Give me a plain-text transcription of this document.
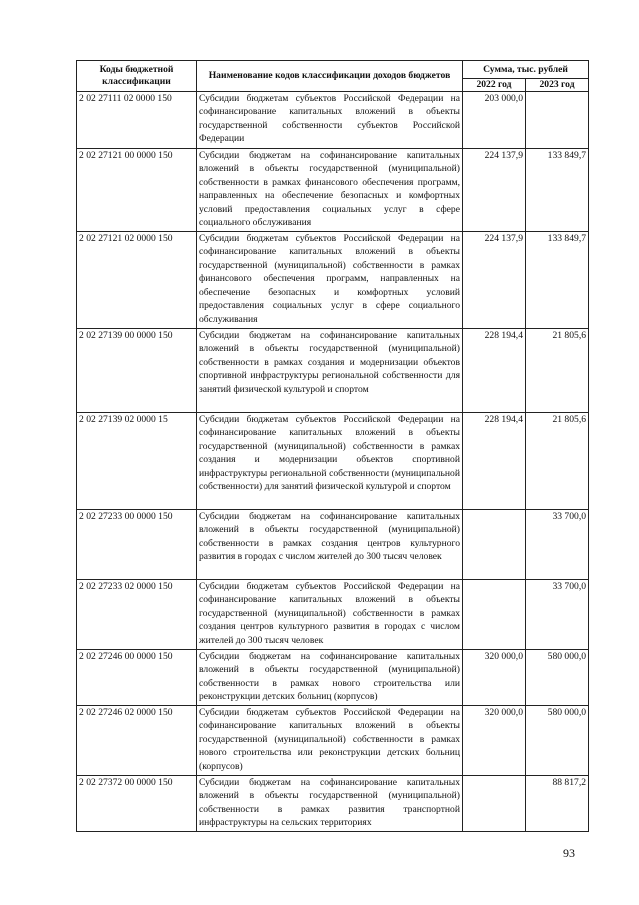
Коды бюджетной классификации	Наименование кодов классификации доходов бюджетов	Сумма, тыс. рублей	
		2022 год	2023 год
2 02 27111 02 0000 150	Субсидии бюджетам субъектов Российской Федерации на софинансирование капитальных вложений в объекты государственной собственности субъектов Российской Федерации	203 000,0	
2 02 27121 00 0000 150	Субсидии бюджетам на софинансирование капитальных вложений в объекты государственной (муниципальной) собственности в рамках финансового обеспечения программ, направленных на обеспечение безопасных и комфортных условий предоставления социальных услуг в сфере социального обслуживания	224 137,9	133 849,7
2 02 27121 02 0000 150	Субсидии бюджетам субъектов Российской Федерации на софинансирование капитальных вложений в объекты государственной (муниципальной) собственности в рамках финансового обеспечения программ, направленных на обеспечение безопасных и комфортных условий предоставления социальных услуг в сфере социального обслуживания	224 137,9	133 849,7
2 02 27139 00 0000 150	Субсидии бюджетам на софинансирование капитальных вложений в объекты государственной (муниципальной) собственности в рамках создания и модернизации объектов спортивной инфраструктуры региональной собственности для занятий физической культурой и спортом	228 194,4	21 805,6
2 02 27139 02 0000 15	Субсидии бюджетам субъектов Российской Федерации на софинансирование капитальных вложений в объекты государственной (муниципальной) собственности в рамках создания и модернизации объектов спортивной инфраструктуры региональной собственности (муниципальной собственности) для занятий физической культурой и спортом	228 194,4	21 805,6
2 02 27233 00 0000 150	Субсидии бюджетам на софинансирование капитальных вложений в объекты государственной (муниципальной) собственности в рамках создания центров культурного развития в городах с числом жителей до 300 тысяч человек		33 700,0
2 02 27233 02 0000 150	Субсидии бюджетам субъектов Российской Федерации на софинансирование капитальных вложений в объекты государственной (муниципальной) собственности в рамках создания центров культурного развития в городах с числом жителей до 300 тысяч человек		33 700,0
2 02 27246 00 0000 150	Субсидии бюджетам на софинансирование капитальных вложений в объекты государственной (муниципальной) собственности в рамках нового строительства или реконструкции детских больниц (корпусов)	320 000,0	580 000,0
2 02 27246 02 0000 150	Субсидии бюджетам субъектов Российской Федерации на софинансирование капитальных вложений в объекты государственной (муниципальной) собственности в рамках нового строительства или реконструкции детских больниц (корпусов)	320 000,0	580 000,0
2 02 27372 00 0000 150	Субсидии бюджетам на софинансирование капитальных вложений в объекты государственной (муниципальной) собственности в рамках развития транспортной инфраструктуры на сельских территориях		88 817,2
93
